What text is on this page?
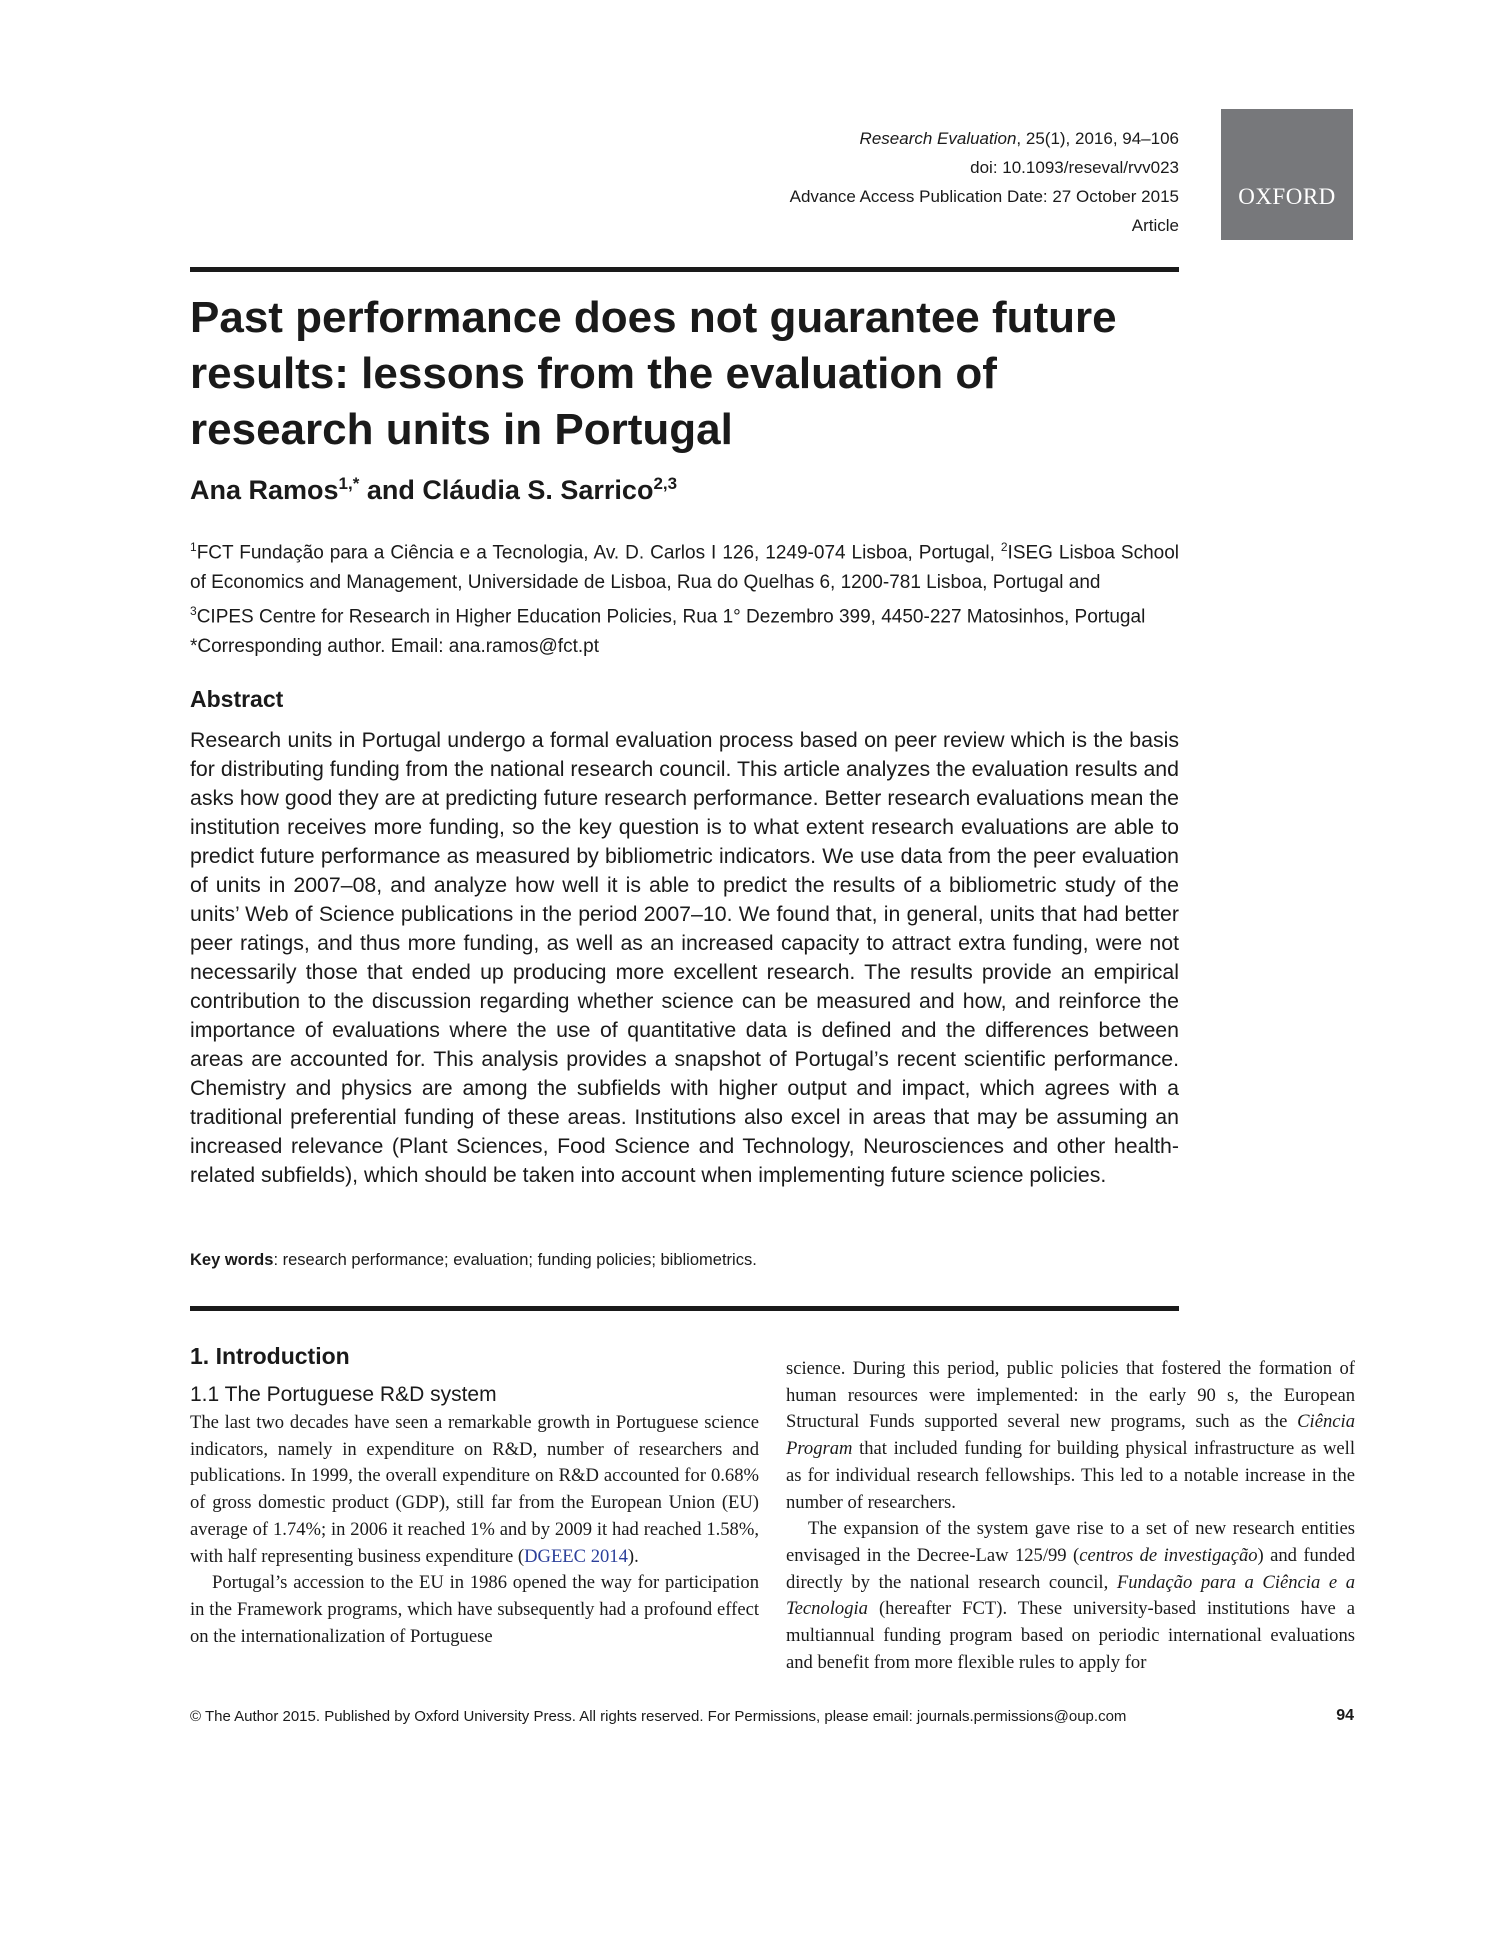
Research Evaluation, 25(1), 2016, 94–106
doi: 10.1093/reseval/rvv023
Advance Access Publication Date: 27 October 2015
Article
OXFORD
Past performance does not guarantee future results: lessons from the evaluation of research units in Portugal
Ana Ramos$^{1,*}$ and Cláudia S. Sarrico$^{2,3}$
$^1$FCT Fundação para a Ciência e a Tecnologia, Av. D. Carlos I 126, 1249-074 Lisboa, Portugal, $^2$ISEG Lisboa School of Economics and Management, Universidade de Lisboa, Rua do Quelhas 6, 1200-781 Lisboa, Portugal and
$^3$CIPES Centre for Research in Higher Education Policies, Rua 1° Dezembro 399, 4450-227 Matosinhos, Portugal
*Corresponding author. Email: ana.ramos@fct.pt
Abstract

Research units in Portugal undergo a formal evaluation process based on peer review which is the basis for distributing funding from the national research council. This article analyzes the evaluation results and asks how good they are at predicting future research performance. Better research evaluations mean the institution receives more funding, so the key question is to what extent research evaluations are able to predict future performance as measured by bibliometric indicators. We use data from the peer evaluation of units in 2007–08, and analyze how well it is able to predict the results of a bibliometric study of the units’ Web of Science publications in the period 2007–10. We found that, in general, units that had better peer ratings, and thus more funding, as well as an increased capacity to attract extra funding, were not necessarily those that ended up producing more excellent research. The results provide an empirical contribution to the discussion regarding whether science can be measured and how, and reinforce the importance of evaluations where the use of quantitative data is defined and the differences between areas are accounted for. This analysis provides a snapshot of Portugal’s recent scientific performance. Chemistry and physics are among the subfields with higher output and impact, which agrees with a traditional preferential funding of these areas. Institutions also excel in areas that may be assuming an increased relevance (Plant Sciences, Food Science and Technology, Neurosciences and other health-related subfields), which should be taken into account when implementing future science policies.

Key words: research performance; evaluation; funding policies; bibliometrics.
1. Introduction
1.1 The Portuguese R&D system

The last two decades have seen a remarkable growth in Portuguese science indicators, namely in expenditure on R&D, number of researchers and publications. In 1999, the overall expenditure on R&D accounted for 0.68% of gross domestic product (GDP), still far from the European Union (EU) average of 1.74%; in 2006 it reached 1% and by 2009 it had reached 1.58%, with half representing business expenditure (DGEEC 2014).

Portugal’s accession to the EU in 1986 opened the way for participation in the Framework programs, which have subsequently had a profound effect on the internationalization of Portuguese

science. During this period, public policies that fostered the formation of human resources were implemented: in the early 90 s, the European Structural Funds supported several new programs, such as the Ciência Program that included funding for building physical infrastructure as well as for individual research fellowships. This led to a notable increase in the number of researchers.

The expansion of the system gave rise to a set of new research entities envisaged in the Decree-Law 125/99 (centros de investigação) and funded directly by the national research council, Fundação para a Ciência e a Tecnologia (hereafter FCT). These university-based institutions have a multiannual funding program based on periodic international evaluations and benefit from more flexible rules to apply for

© The Author 2015. Published by Oxford University Press. All rights reserved. For Permissions, please email: journals.permissions@oup.com	94
